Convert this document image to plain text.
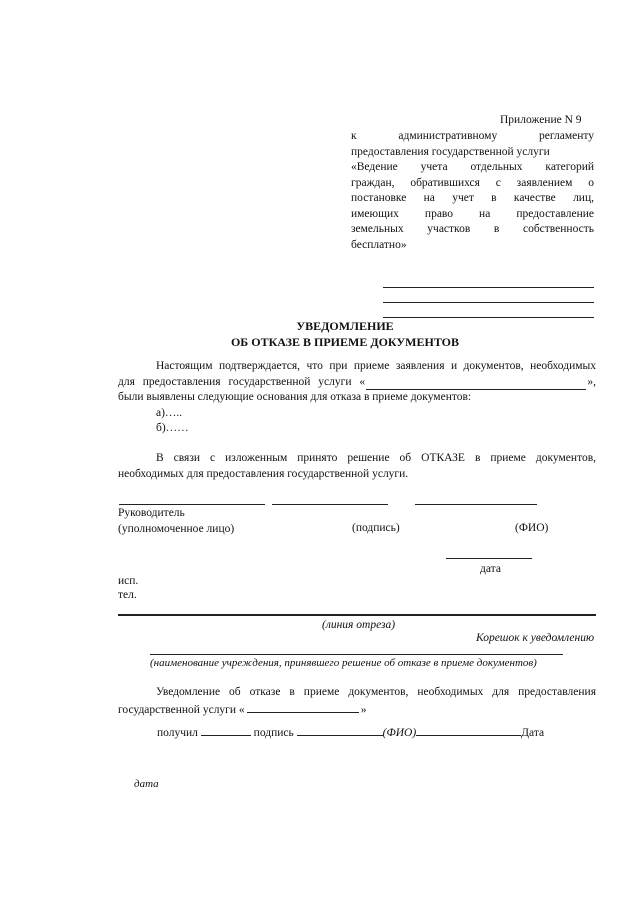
Приложение N 9
к административному регламенту
предоставления государственной услуги
«Ведение учета отдельных категорий
граждан, обратившихся с заявлением о
постановке на учет в качестве лиц,
имеющих право на предоставление
земельных участков в собственность
бесплатно»
УВЕДОМЛЕНИЕ
ОБ ОТКАЗЕ В ПРИЕМЕ ДОКУМЕНТОВ
Настоящим подтверждается, что при приеме заявления и документов, необходимых
для предоставления государственной услуги «	»,
были выявлены следующие основания для отказа в приеме документов:
а)…..
б)……
В связи с изложенным принято решение об ОТКАЗЕ в приеме документов,
необходимых для предоставления государственной услуги.
Руководитель
(уполномоченное лицо)	(подпись)	(ФИО)
дата
исп.
тел.
(линия отреза)
Корешок к уведомлению
(наименование учреждения, принявшего решение об отказе в приеме документов)
Уведомление об отказе в приеме документов, необходимых для предоставления
государственной услуги «	»
получил	подпись	(ФИО)	Дата
дата
